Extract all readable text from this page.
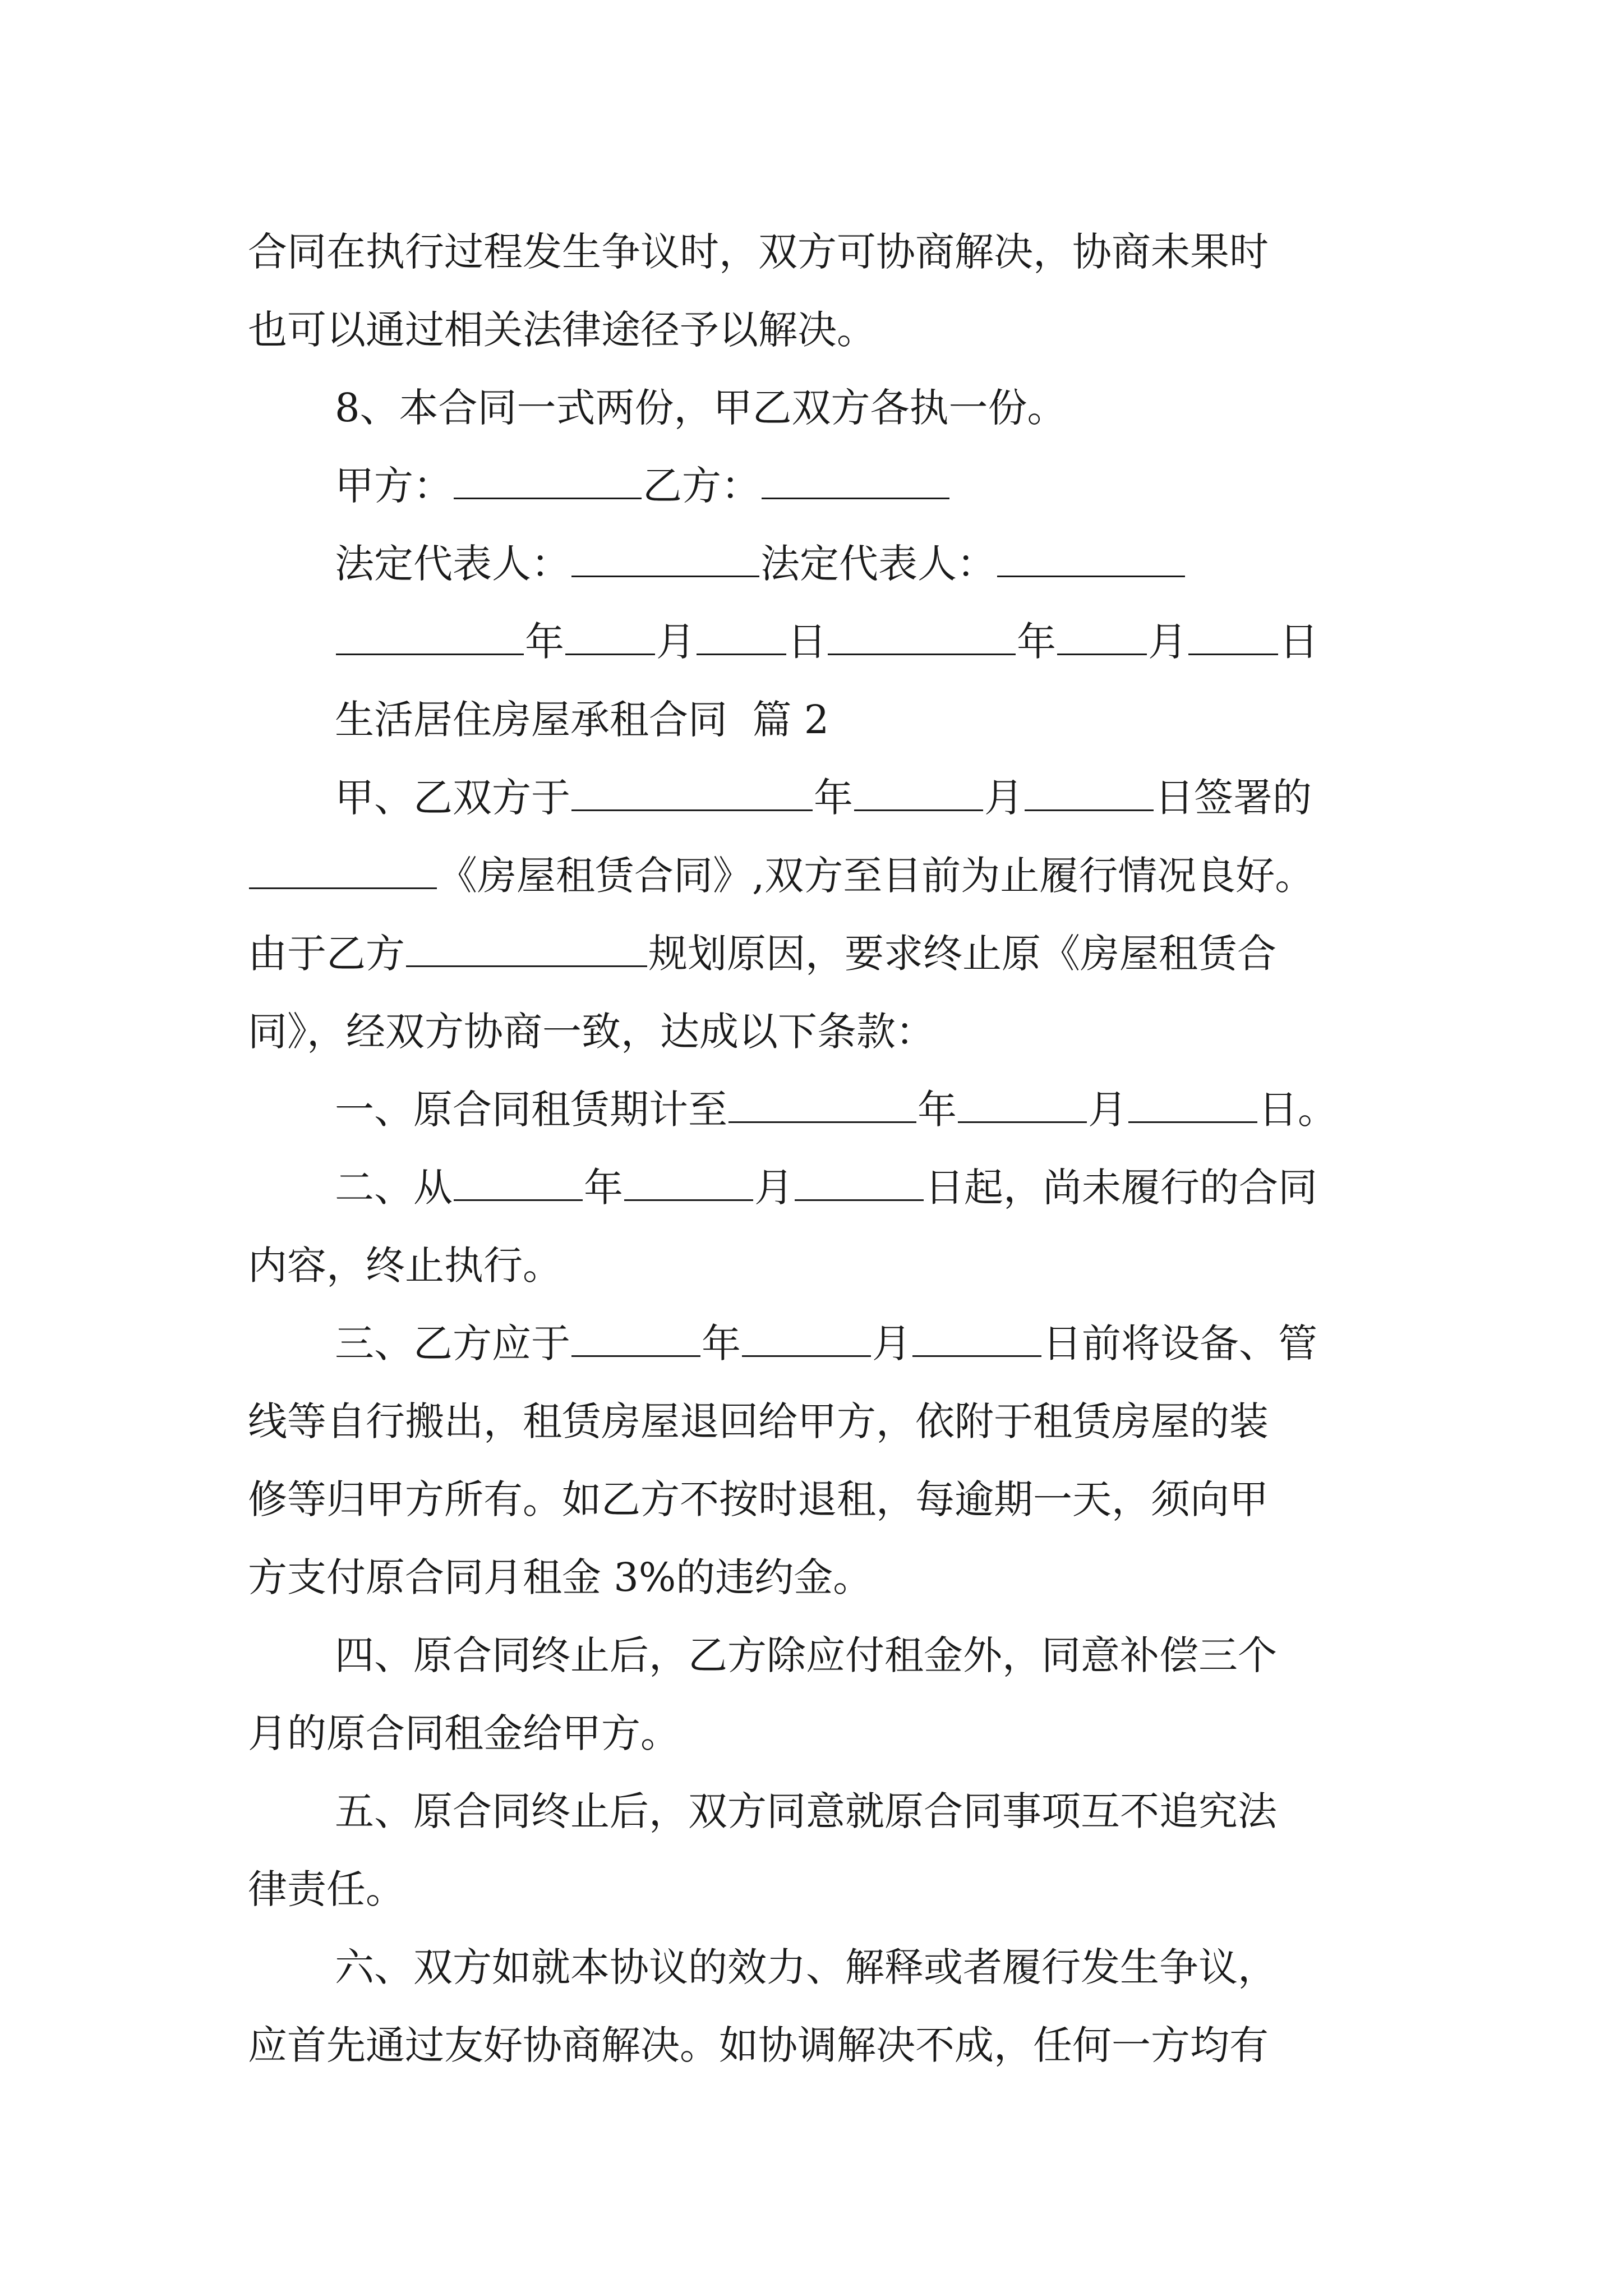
合同在执行过程发生争议时，双方可协商解决，协商未果时
也可以通过相关法律途径予以解决。
8、本合同一式两份，甲乙双方各执一份。
甲方：	乙方：
法定代表人：	法定代表人：
年 月 日	年 月 日
生活居住房屋承租合同  篇 2
甲、乙双方于	年	月	日签署的
《房屋租赁合同》,双方至目前为止履行情况良好。
由于乙方	规划原因，要求终止原《房屋租赁合
同》，经双方协商一致，达成以下条款：
一、原合同租赁期计至	年	月	日。
二、从	年	月	日起，尚未履行的合同
内容，终止执行。
三、乙方应于	年	月	日前将设备、管
线等自行搬出，租赁房屋退回给甲方，依附于租赁房屋的装
修等归甲方所有。如乙方不按时退租，每逾期一天，须向甲
方支付原合同月租金 3%的违约金。
四、原合同终止后，乙方除应付租金外，同意补偿三个
月的原合同租金给甲方。
五、原合同终止后，双方同意就原合同事项互不追究法
律责任。
六、双方如就本协议的效力、解释或者履行发生争议，
应首先通过友好协商解决。如协调解决不成，任何一方均有
